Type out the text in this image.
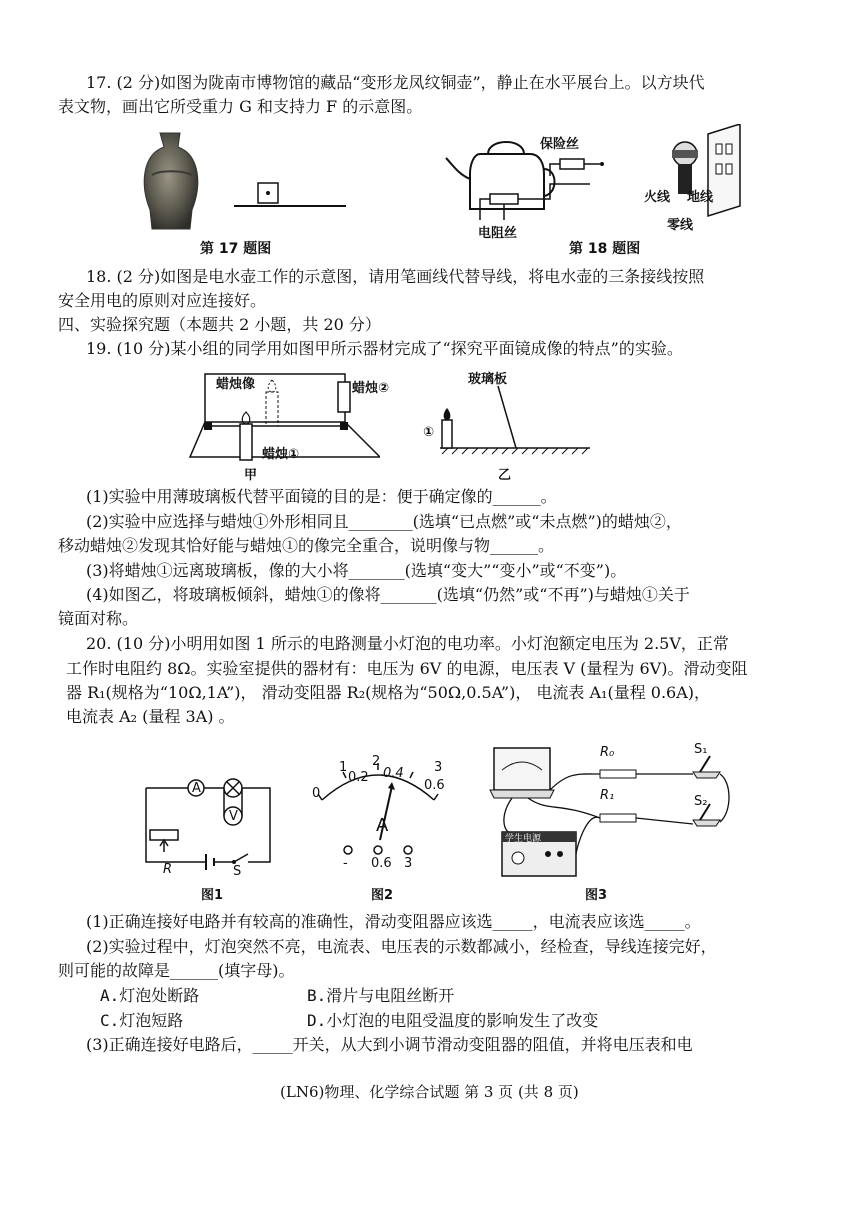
17. (2 分)如图为陇南市博物馆的藏品“变形龙凤纹铜壶”，静止在水平展台上。以方块代
表文物，画出它所受重力 G 和支持力 F 的示意图。
第 17 题图
保险丝
电阻丝
火线 地线
零线
第 18 题图
18. (2 分)如图是电水壶工作的示意图，请用笔画线代替导线，将电水壶的三条接线按照
安全用电的原则对应连接好。
四、实验探究题（本题共 2 小题，共 20 分）
19. (10 分)某小组的同学用如图甲所示器材完成了“探究平面镜成像的特点”的实验。
蜡烛像	蜡烛②
蜡烛①
甲
玻璃板
①
乙
(1)实验中用薄玻璃板代替平面镜的目的是：便于确定像的______。
(2)实验中应选择与蜡烛①外形相同且________(选填“已点燃”或“未点燃”)的蜡烛②，
移动蜡烛②发现其恰好能与蜡烛①的像完全重合，说明像与物______。
(3)将蜡烛①远离玻璃板，像的大小将_______(选填“变大”“变小”或“不变”)。
(4)如图乙，将玻璃板倾斜，蜡烛①的像将_______(选填“仍然”或“不再”)与蜡烛①关于
镜面对称。
20. (10 分)小明用如图 1 所示的电路测量小灯泡的电功率。小灯泡额定电压为 2.5V，正常
工作时电阻约 8Ω。实验室提供的器材有：电压为 6V 的电源，电压表 V (量程为 6V)。滑动变阻
器 R₁(规格为“10Ω,1A”)， 滑动变阻器 R₂(规格为“50Ω,0.5A”)， 电流表 A₁(量程 0.6A)，
电流表 A₂ (量程 3A) 。
A
V
R	S
图1
0
0.2 0.4
0.6
1 2	3
A
- 0.6 3
图2
R₀
R₁
S₁
S₂
学生电源
图3
(1)正确连接好电路并有较高的准确性，滑动变阻器应该选_____，电流表应该选_____。
(2)实验过程中，灯泡突然不亮，电流表、电压表的示数都减小，经检查，导线连接完好，
则可能的故障是______(填字母)。
A.灯泡处断路	B.滑片与电阻丝断开
C.灯泡短路	D.小灯泡的电阻受温度的影响发生了改变
(3)正确连接好电路后，_____开关，从大到小调节滑动变阻器的阻值，并将电压表和电
(LN6)物理、化学综合试题 第 3 页 (共 8 页)
